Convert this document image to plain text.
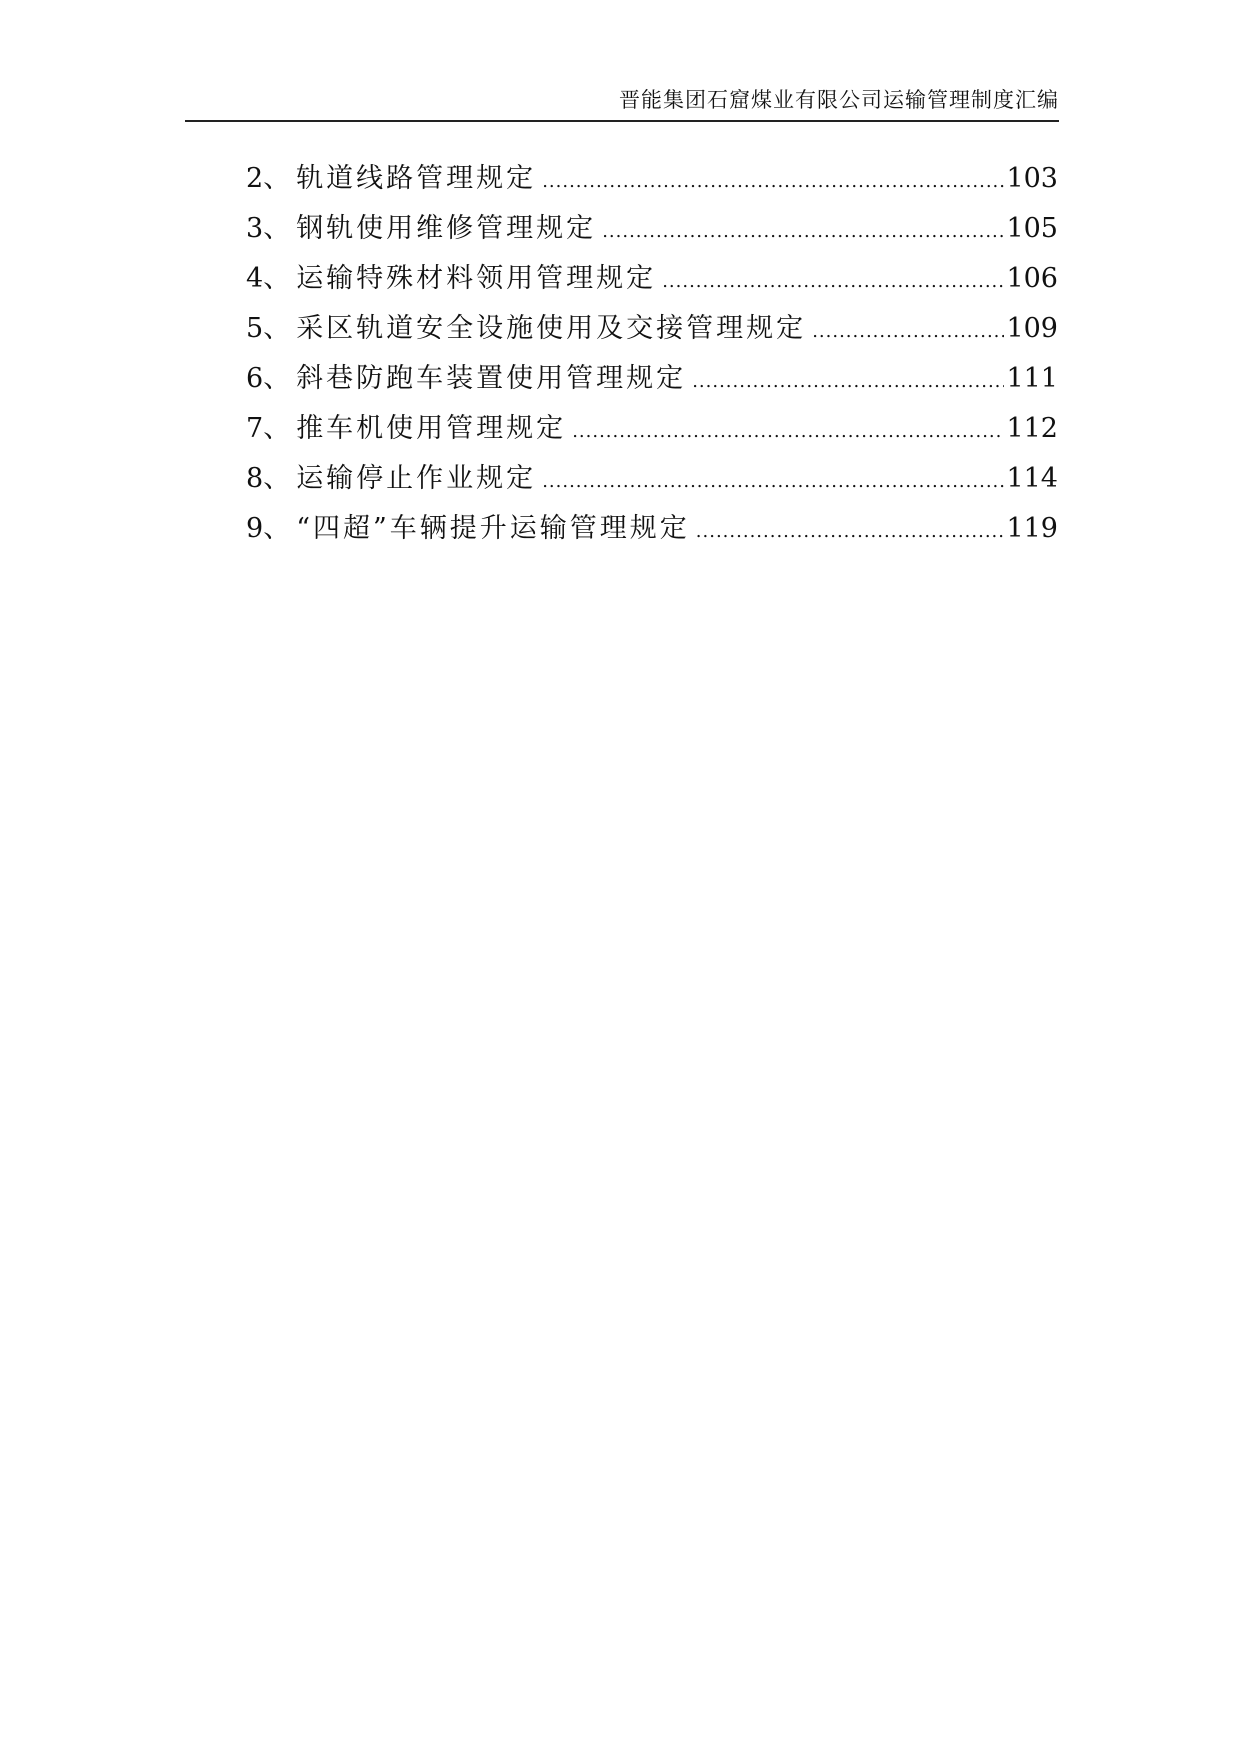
晋能集团石窟煤业有限公司运输管理制度汇编
2 、 轨道线路管理规定 .....	103
3 、 钢轨使用维修管理规定 .....	105
4 、 运输特殊材料领用管理规定 .....	106
5 、 采区轨道安全设施使用及交接管理规定 .....	109
6 、 斜巷防跑车装置使用管理规定 .....	111
7 、 推车机使用管理规定 .....	112
8 、 运输停止作业规定 .....	114
9 、 “四超”车辆提升运输管理规定 .....	119
